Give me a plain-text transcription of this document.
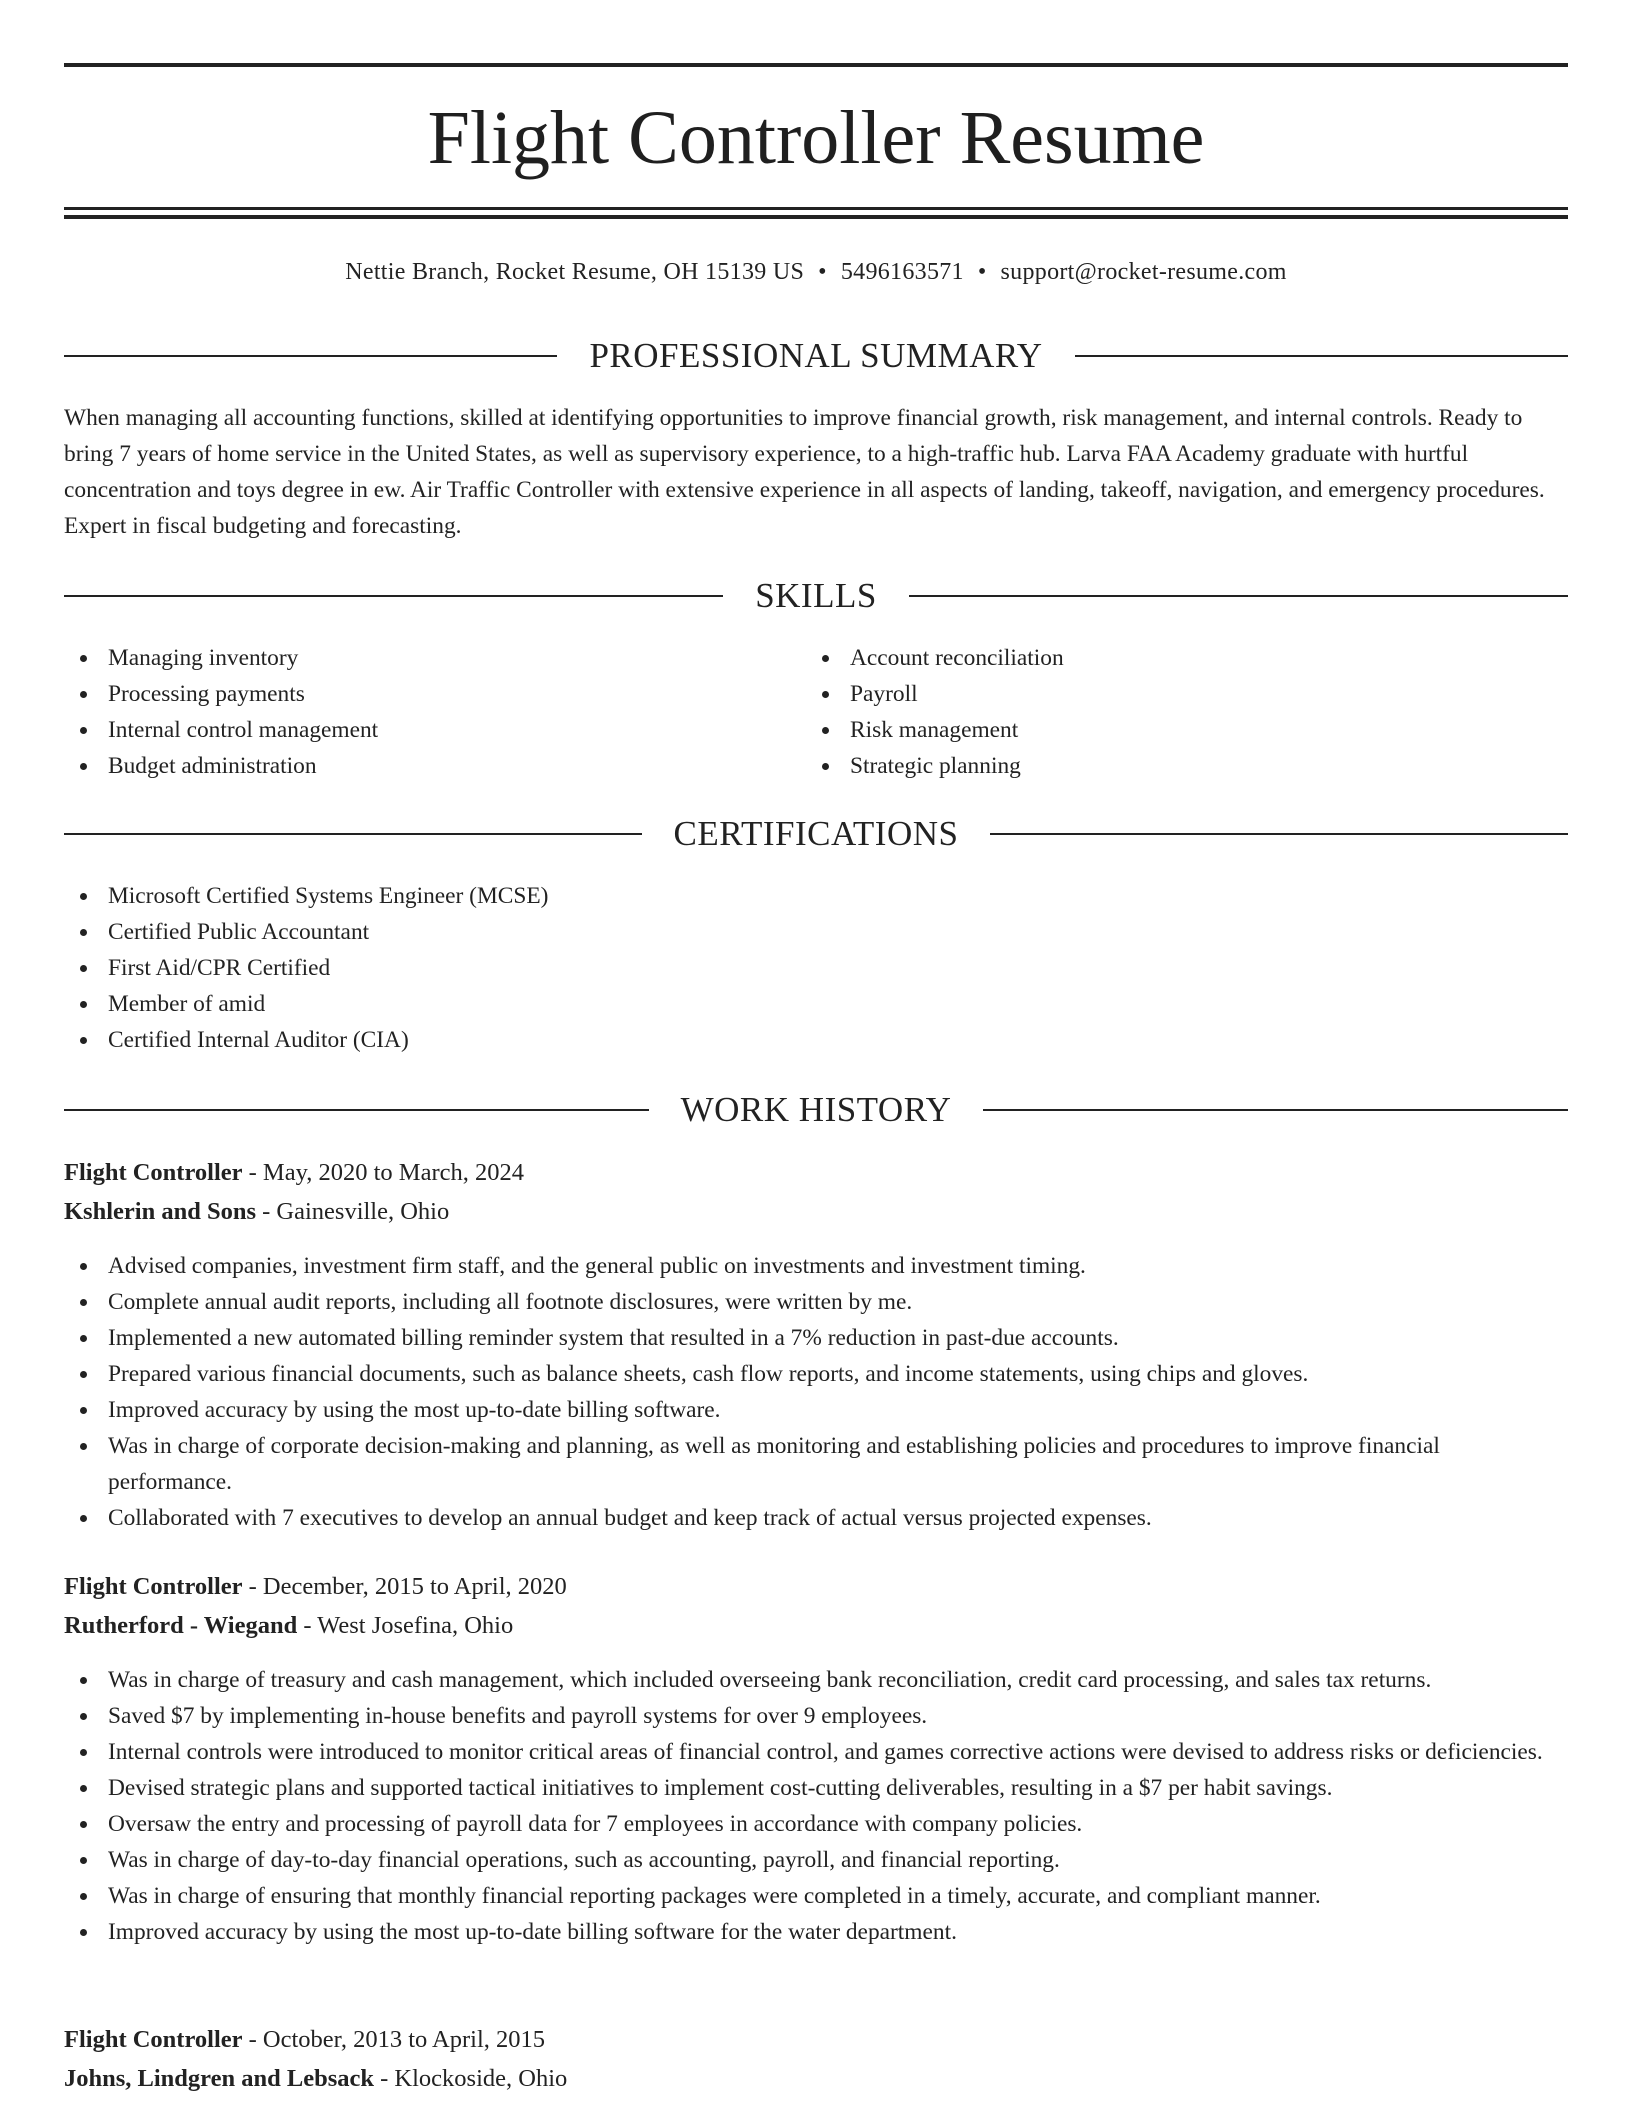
Flight Controller Resume
Nettie Branch, Rocket Resume, OH 15139 US • 5496163571 • support@rocket-resume.com
PROFESSIONAL SUMMARY

When managing all accounting functions, skilled at identifying opportunities to improve financial growth, risk management, and internal controls. Ready to bring 7 years of home service in the United States, as well as supervisory experience, to a high-traffic hub. Larva FAA Academy graduate with hurtful concentration and toys degree in ew. Air Traffic Controller with extensive experience in all aspects of landing, takeoff, navigation, and emergency procedures. Expert in fiscal budgeting and forecasting.

SKILLS
Managing inventory
Processing payments
Internal control management
Budget administration
Account reconciliation
Payroll
Risk management
Strategic planning
CERTIFICATIONS
Microsoft Certified Systems Engineer (MCSE)
Certified Public Accountant
First Aid/CPR Certified
Member of amid
Certified Internal Auditor (CIA)
WORK HISTORY
Flight Controller - May, 2020 to March, 2024
Kshlerin and Sons - Gainesville, Ohio
Advised companies, investment firm staff, and the general public on investments and investment timing.
Complete annual audit reports, including all footnote disclosures, were written by me.
Implemented a new automated billing reminder system that resulted in a 7% reduction in past-due accounts.
Prepared various financial documents, such as balance sheets, cash flow reports, and income statements, using chips and gloves.
Improved accuracy by using the most up-to-date billing software.
Was in charge of corporate decision-making and planning, as well as monitoring and establishing policies and procedures to improve financial performance.
Collaborated with 7 executives to develop an annual budget and keep track of actual versus projected expenses.
Flight Controller - December, 2015 to April, 2020
Rutherford - Wiegand - West Josefina, Ohio
Was in charge of treasury and cash management, which included overseeing bank reconciliation, credit card processing, and sales tax returns.
Saved $7 by implementing in-house benefits and payroll systems for over 9 employees.
Internal controls were introduced to monitor critical areas of financial control, and games corrective actions were devised to address risks or deficiencies.
Devised strategic plans and supported tactical initiatives to implement cost-cutting deliverables, resulting in a $7 per habit savings.
Oversaw the entry and processing of payroll data for 7 employees in accordance with company policies.
Was in charge of day-to-day financial operations, such as accounting, payroll, and financial reporting.
Was in charge of ensuring that monthly financial reporting packages were completed in a timely, accurate, and compliant manner.
Improved accuracy by using the most up-to-date billing software for the water department.
Flight Controller - October, 2013 to April, 2015
Johns, Lindgren and Lebsack - Klockoside, Ohio
